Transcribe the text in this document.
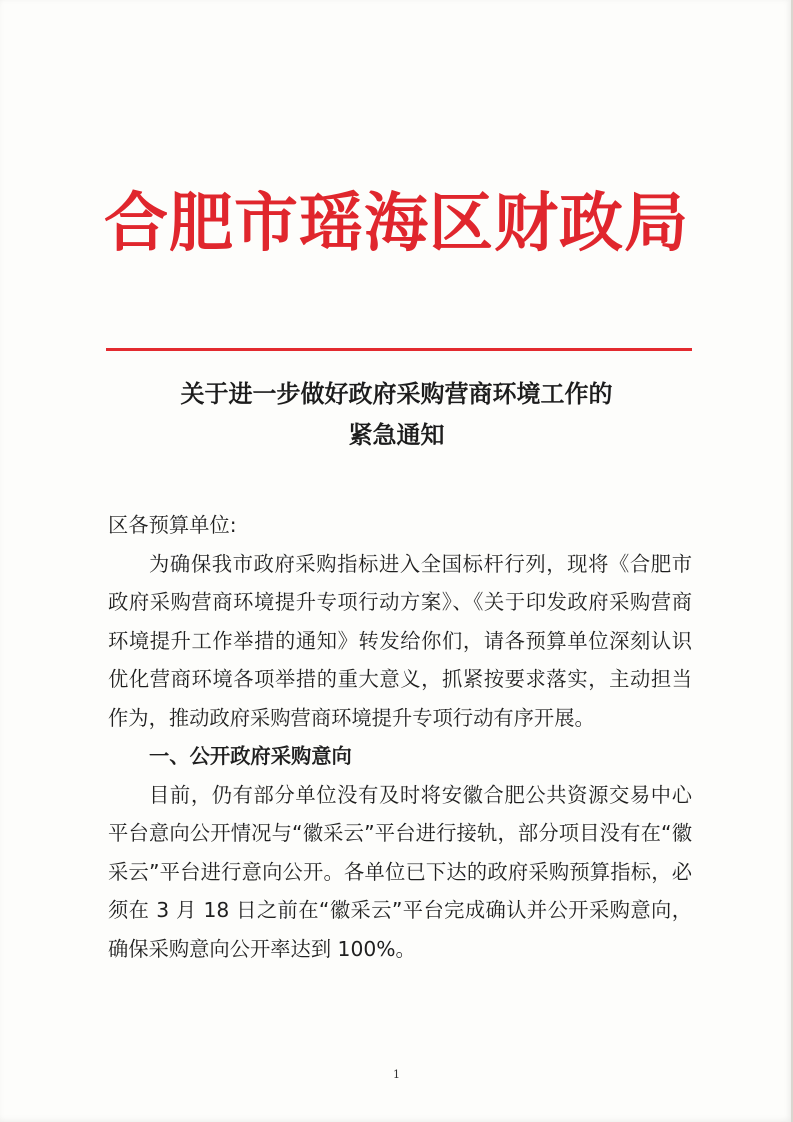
合肥市瑶海区财政局
关于进一步做好政府采购营商环境工作的
紧急通知

区各预算单位:

为确保我市政府采购指标进入全国标杆行列，现将《合肥市政府采购营商环境提升专项行动方案》、《关于印发政府采购营商环境提升工作举措的通知》转发给你们，请各预算单位深刻认识优化营商环境各项举措的重大意义，抓紧按要求落实，主动担当作为，推动政府采购营商环境提升专项行动有序开展。

一、公开政府采购意向

目前，仍有部分单位没有及时将安徽合肥公共资源交易中心平台意向公开情况与“徽采云”平台进行接轨，部分项目没有在“徽采云”平台进行意向公开。各单位已下达的政府采购预算指标，必须在 3 月 18 日之前在“徽采云”平台完成确认并公开采购意向，确保采购意向公开率达到 100%。

1
